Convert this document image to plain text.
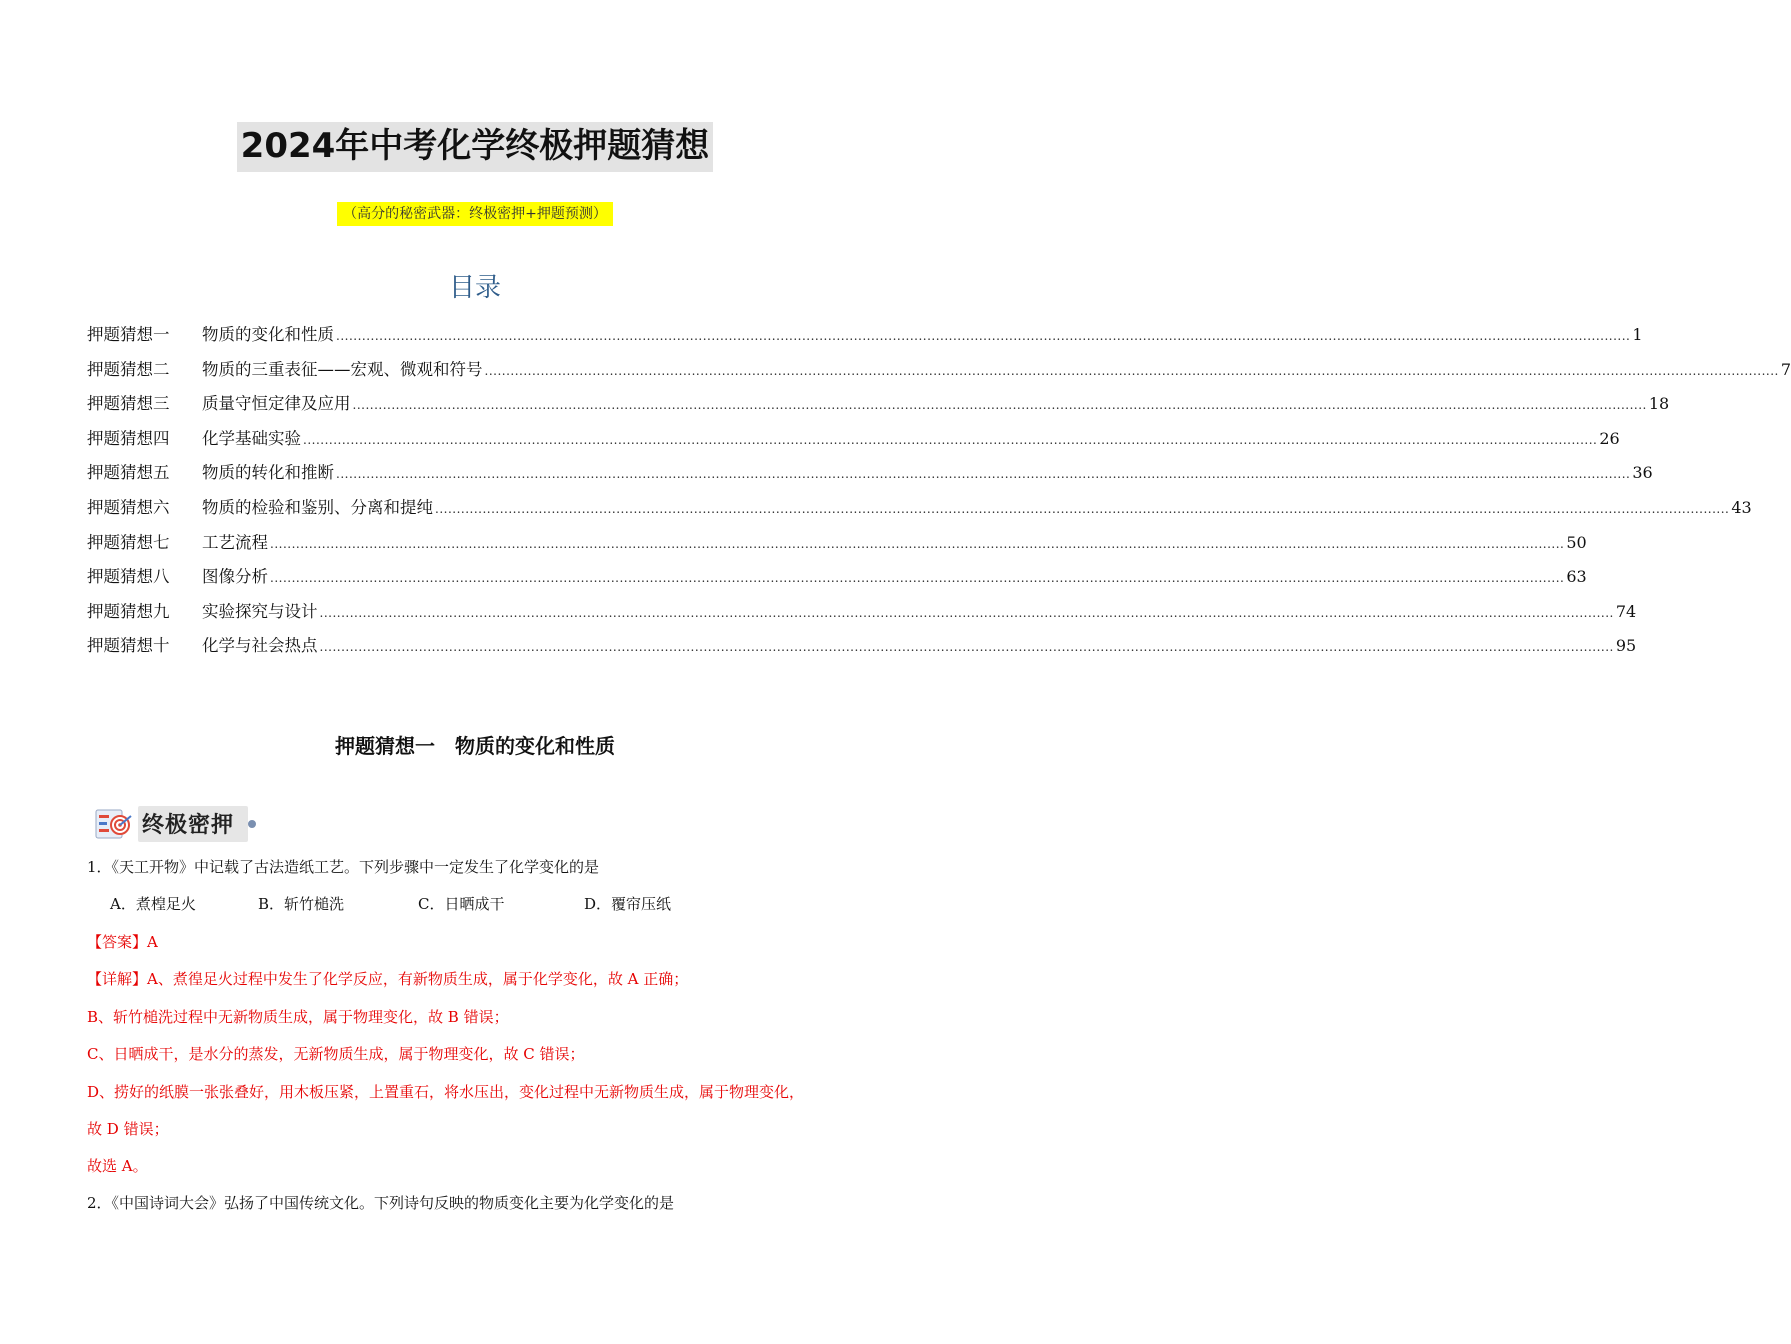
2024年中考化学终极押题猜想
（高分的秘密武器：终极密押+押题预测）
目录
押题猜想一	物质的变化和性质 ............................................................................................................................................................................................................................................................................................................ 1
押题猜想二	物质的三重表征——宏观、微观和符号 ............................................................................................................................................................................................................................................................................................................ 7
押题猜想三	质量守恒定律及应用 ............................................................................................................................................................................................................................................................................................................ 18
押题猜想四	化学基础实验 ............................................................................................................................................................................................................................................................................................................ 26
押题猜想五	物质的转化和推断 ............................................................................................................................................................................................................................................................................................................ 36
押题猜想六	物质的检验和鉴别、分离和提纯 ............................................................................................................................................................................................................................................................................................................ 43
押题猜想七	工艺流程 ............................................................................................................................................................................................................................................................................................................ 50
押题猜想八	图像分析 ............................................................................................................................................................................................................................................................................................................ 63
押题猜想九	实验探究与设计 ............................................................................................................................................................................................................................................................................................................ 74
押题猜想十	化学与社会热点 ............................................................................................................................................................................................................................................................................................................ 95
押题猜想一　物质的变化和性质
终极密押
1．《天工开物》中记载了古法造纸工艺。下列步骤中一定发生了化学变化的是
A．煮楻足火	B．斩竹槌洗	C．日晒成干	D．覆帘压纸
【答案】A
【详解】A、煮徨足火过程中发生了化学反应，有新物质生成，属于化学变化，故 A 正确；
B、斩竹槌洗过程中无新物质生成，属于物理变化，故 B 错误；
C、日晒成干，是水分的蒸发，无新物质生成，属于物理变化，故 C 错误；
D、捞好的纸膜一张张叠好，用木板压紧，上置重石，将水压出，变化过程中无新物质生成，属于物理变化，
故 D 错误；
故选 A。
2．《中国诗词大会》弘扬了中国传统文化。下列诗句反映的物质变化主要为化学变化的是
